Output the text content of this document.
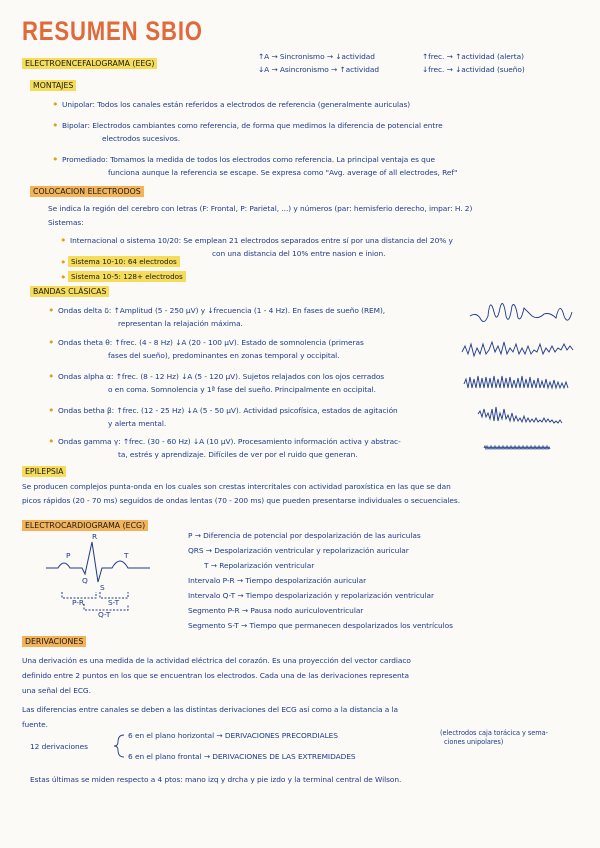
RESUMEN SBIO
ELECTROENCEFALOGRAMA (EEG)
↑A → Sincronismo → ↓actividad
↓A → Asincronismo → ↑actividad
↑frec. → ↑actividad (alerta)
↓frec. → ↓actividad (sueño)
MONTAJES
• Unipolar: Todos los canales están referidos a electrodos de referencia (generalmente auriculas)
• Bipolar: Electrodos cambiantes como referencia, de forma que medimos la diferencia de potencial entre
electrodos sucesivos.
• Promediado: Tomamos la medida de todos los electrodos como referencia. La principal ventaja es que
funciona aunque la referencia se escape. Se expresa como "Avg. average of all electrodes, Ref"
COLOCACION ELECTRODOS
Se indica la región del cerebro con letras (F: Frontal, P: Parietal, ...) y números (par: hemisferio derecho, impar: H. 2)
Sistemas:
• Internacional o sistema 10/20: Se emplean 21 electrodos separados entre sí por una distancia del 20% y
con una distancia del 10% entre nasion e inion.
• Sistema 10-10: 64 electrodos
• Sistema 10-5: 128+ electrodos
BANDAS CLÁSICAS
• Ondas delta δ: ↑Amplitud (5 - 250 μV) y ↓frecuencia (1 - 4 Hz). En fases de sueño (REM),
representan la relajación máxima.
• Ondas theta θ: ↑frec. (4 - 8 Hz) ↓A (20 - 100 μV). Estado de somnolencia (primeras
fases del sueño), predominantes en zonas temporal y occipital.
• Ondas alpha α: ↑frec. (8 - 12 Hz) ↓A (5 - 120 μV). Sujetos relajados con los ojos cerrados
o en coma. Somnolencia y 1ª fase del sueño. Principalmente en occipital.
• Ondas betha β: ↑frec. (12 - 25 Hz) ↓A (5 - 50 μV). Actividad psicofísica, estados de agitación
y alerta mental.
• Ondas gamma γ: ↑frec. (30 - 60 Hz) ↓A (10 μV). Procesamiento información activa y abstrac-
ta, estrés y aprendizaje. Difíciles de ver por el ruido que generan.
EPILEPSIA
Se producen complejos punta-onda en los cuales son crestas intercritales con actividad paroxística en las que se dan
picos rápidos (20 - 70 ms) seguidos de ondas lentas (70 - 200 ms) que pueden presentarse individuales o secuenciales.
ELECTROCARDIOGRAMA (ECG)
P
R
T
Q
S
P-R	S-T
Q-T
P → Diferencia de potencial por despolarización de las auriculas
QRS → Despolarización ventricular y repolarización auricular
T → Repolarización ventricular
Intervalo P-R → Tiempo despolarización auricular
Intervalo Q-T → Tiempo despolarización y repolarización ventricular
Segmento P-R → Pausa nodo auriculoventricular
Segmento S-T → Tiempo que permanecen despolarizados los ventrículos
DERIVACIONES
Una derivación es una medida de la actividad eléctrica del corazón. Es una proyección del vector cardiaco
definido entre 2 puntos en los que se encuentran los electrodos. Cada una de las derivaciones representa
una señal del ECG.
Las diferencias entre canales se deben a las distintas derivaciones del ECG así como a la distancia a la
fuente.
12 derivaciones
6 en el plano horizontal → DERIVACIONES PRECORDIALES	(electrodos caja torácica y sema-
ciones unipolares)
6 en el plano frontal → DERIVACIONES DE LAS EXTREMIDADES
Estas últimas se miden respecto a 4 ptos: mano izq y drcha y pie izdo y la terminal central de Wilson.
